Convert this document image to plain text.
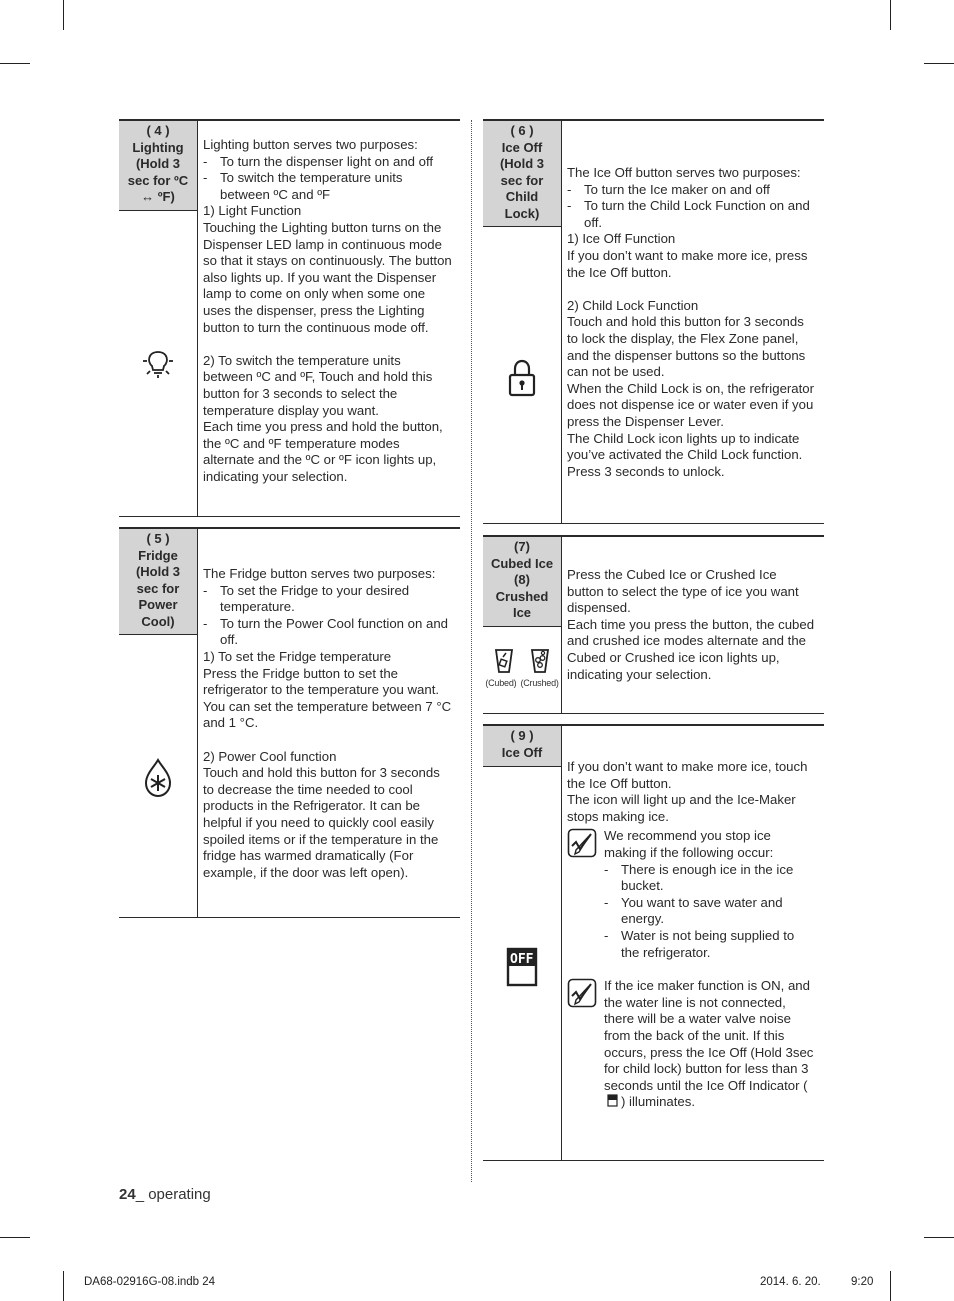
( 4 )
Lighting
(Hold 3
sec for ºC
↔ ºF)

Lighting button serves two purposes:

- To turn the dispenser light on and off

- To switch the temperature units between ºC and ºF

1) Light Function

Touching the Lighting button turns on the Dispenser LED lamp in continuous mode so that it stays on continuously. The button also lights up. If you want the Dispenser lamp to come on only when some one uses the dispenser, press the Lighting button to turn the continuous mode off.

2) To switch the temperature units between ºC and ºF, Touch and hold this button for 3 seconds to select the temperature display you want.

Each time you press and hold the button, the ºC and ºF temperature modes alternate and the ºC or ºF icon lights up, indicating your selection.

( 5 )
Fridge
(Hold 3
sec for
Power
Cool)

The Fridge button serves two purposes:

- To set the Fridge to your desired temperature.

- To turn the Power Cool function on and off.

1) To set the Fridge temperature

Press the Fridge button to set the refrigerator to the temperature you want. You can set the temperature between 7 °C and 1 °C.

2) Power Cool function

Touch and hold this button for 3 seconds to decrease the time needed to cool products in the Refrigerator. It can be helpful if you need to quickly cool easily spoiled items or if the temperature in the fridge has warmed dramatically (For example, if the door was left open).

( 6 )
Ice Off
(Hold 3
sec for
Child
Lock)

The Ice Off button serves two purposes:

- To turn the Ice maker on and off

- To turn the Child Lock Function on and off.

1) Ice Off Function

If you don’t want to make more ice, press the Ice Off button.

2) Child Lock Function

Touch and hold this button for 3 seconds to lock the display, the Flex Zone panel, and the dispenser buttons so the buttons can not be used.

When the Child Lock is on, the refrigerator does not dispense ice or water even if you press the Dispenser Lever.

The Child Lock icon lights up to indicate you’ve activated the Child Lock function.

Press 3 seconds to unlock.

(7)
Cubed Ice
(8)
Crushed
Ice
(Cubed) (Crushed)

Press the Cubed Ice or Crushed Ice button to select the type of ice you want dispensed.

Each time you press the button, the cubed and crushed ice modes alternate and the Cubed or Crushed ice icon lights up, indicating your selection.

( 9 )
Ice Off
OFF

If you don’t want to make more ice, touch the Ice Off button.

The icon will light up and the Ice-Maker stops making ice.

We recommend you stop ice making if the following occur:

- There is enough ice in the ice bucket.

- You want to save water and energy.

- Water is not being supplied to the refrigerator.

If the ice maker function is ON, and the water line is not connected, there will be a water valve noise from the back of the unit. If this occurs, press the Ice Off (Hold 3sec for child lock) button for less than 3 seconds until the Ice Off Indicator () illuminates.

24_ operating
DA68-02916G-08.indb 24	2014. 6. 20.	9:20
